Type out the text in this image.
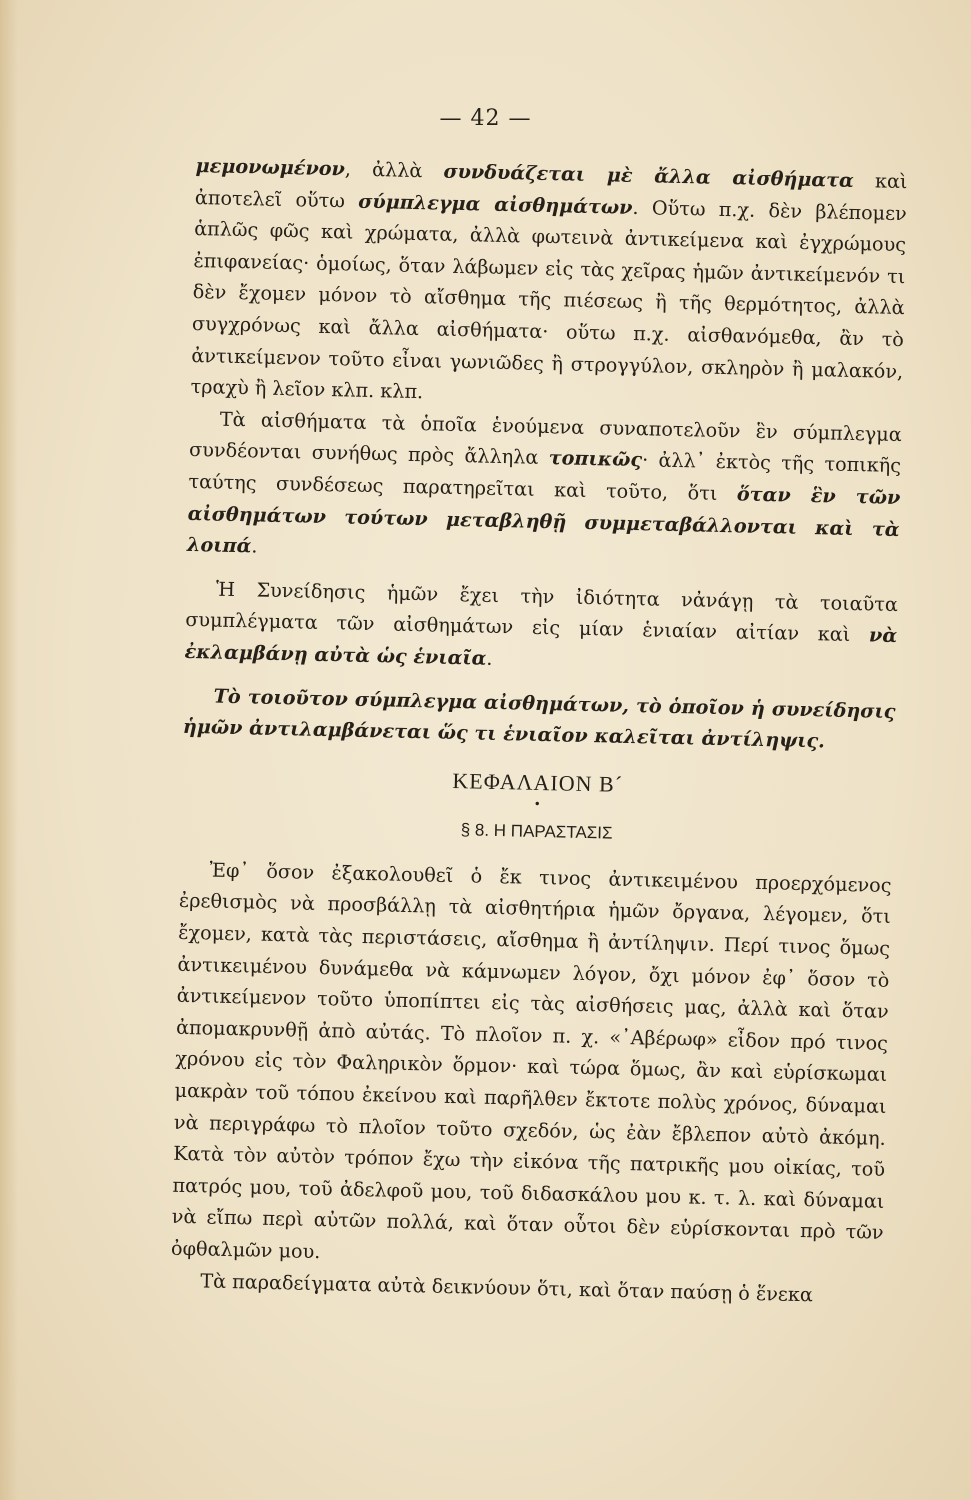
— 42 —

μεμονωμένον, ἀλλὰ συνδυάζεται μὲ ἄλλα αἰσθήματα καὶ ἀποτελεῖ οὕτω σύμπλεγμα αἰσθημάτων. Οὕτω π.χ. δὲν βλέπομεν ἁπλῶς φῶς καὶ χρώματα, ἀλλὰ φωτεινὰ ἀντικείμενα καὶ ἐγχρώμους ἐπιφανείας· ὁμοίως, ὅταν λάβωμεν εἰς τὰς χεῖρας ἡμῶν ἀντικείμενόν τι δὲν ἔχομεν μόνον τὸ αἴσθημα τῆς πιέσεως ἢ τῆς θερμότητος, ἀλλὰ συγχρόνως καὶ ἄλλα αἰσθήματα· οὕτω π.χ. αἰσθανόμεθα, ἂν τὸ ἀντικείμενον τοῦτο εἶναι γωνιῶδες ἢ στρογγύλον, σκληρὸν ἢ μαλακόν, τραχὺ ἢ λεῖον κλπ. κλπ.

Τὰ αἰσθήματα τὰ ὁποῖα ἑνούμενα συναποτελοῦν ἓν σύμπλεγμα συνδέονται συνήθως πρὸς ἄλληλα τοπικῶς· ἀλλ᾽ ἐκτὸς τῆς τοπικῆς ταύτης συνδέσεως παρατηρεῖται καὶ τοῦτο, ὅτι ὅταν ἓν τῶν αἰσθημάτων τούτων μεταβληθῇ συμμεταβάλλονται καὶ τὰ λοιπά.

Ἡ Συνείδησις ἡμῶν ἔχει τὴν ἰδιότητα νἀνάγῃ τὰ τοιαῦτα συμπλέγματα τῶν αἰσθημάτων εἰς μίαν ἑνιαίαν αἰτίαν καὶ νὰ ἐκλαμβάνῃ αὐτὰ ὡς ἑνιαῖα.

Τὸ τοιοῦτον σύμπλεγμα αἰσθημάτων, τὸ ὁποῖον ἡ συνείδησις ἡμῶν ἀντιλαμβάνεται ὥς τι ἑνιαῖον καλεῖται ἀντίληψις.

ΚΕΦΑΛΑΙΟΝ Β´

•

§ 8. Η ΠΑΡΑΣΤΑΣΙΣ

Ἐφ᾽ ὅσον ἐξακολουθεῖ ὁ ἔκ τινος ἀντικειμένου προερχόμενος ἐρεθισμὸς νὰ προσβάλλῃ τὰ αἰσθητήρια ἡμῶν ὄργανα, λέγομεν, ὅτι ἔχομεν, κατὰ τὰς περιστάσεις, αἴσθημα ἢ ἀντίληψιν. Περί τινος ὅμως ἀντικειμένου δυνάμεθα νὰ κάμνωμεν λόγον, ὄχι μόνον ἐφ᾽ ὅσον τὸ ἀντικείμενον τοῦτο ὑποπίπτει εἰς τὰς αἰσθήσεις μας, ἀλλὰ καὶ ὅταν ἀπομακρυνθῇ ἀπὸ αὐτάς. Τὸ πλοῖον π. χ. «᾽Αβέρωφ» εἶδον πρό τινος χρόνου εἰς τὸν Φαληρικὸν ὅρμον· καὶ τώρα ὅμως, ἂν καὶ εὑρίσκωμαι μακρὰν τοῦ τόπου ἐκείνου καὶ παρῆλθεν ἔκτοτε πολὺς χρόνος, δύναμαι νὰ περιγράφω τὸ πλοῖον τοῦτο σχεδόν, ὡς ἐὰν ἔβλεπον αὐτὸ ἀκόμη. Κατὰ τὸν αὐτὸν τρόπον ἔχω τὴν εἰκόνα τῆς πατρικῆς μου οἰκίας, τοῦ πατρός μου, τοῦ ἀδελφοῦ μου, τοῦ διδασκάλου μου κ. τ. λ. καὶ δύναμαι νὰ εἴπω περὶ αὐτῶν πολλά, καὶ ὅταν οὗτοι δὲν εὑρίσκονται πρὸ τῶν ὀφθαλμῶν μου.

Τὰ παραδείγματα αὐτὰ δεικνύουν ὅτι, καὶ ὅταν παύσῃ ὁ ἕνεκα
